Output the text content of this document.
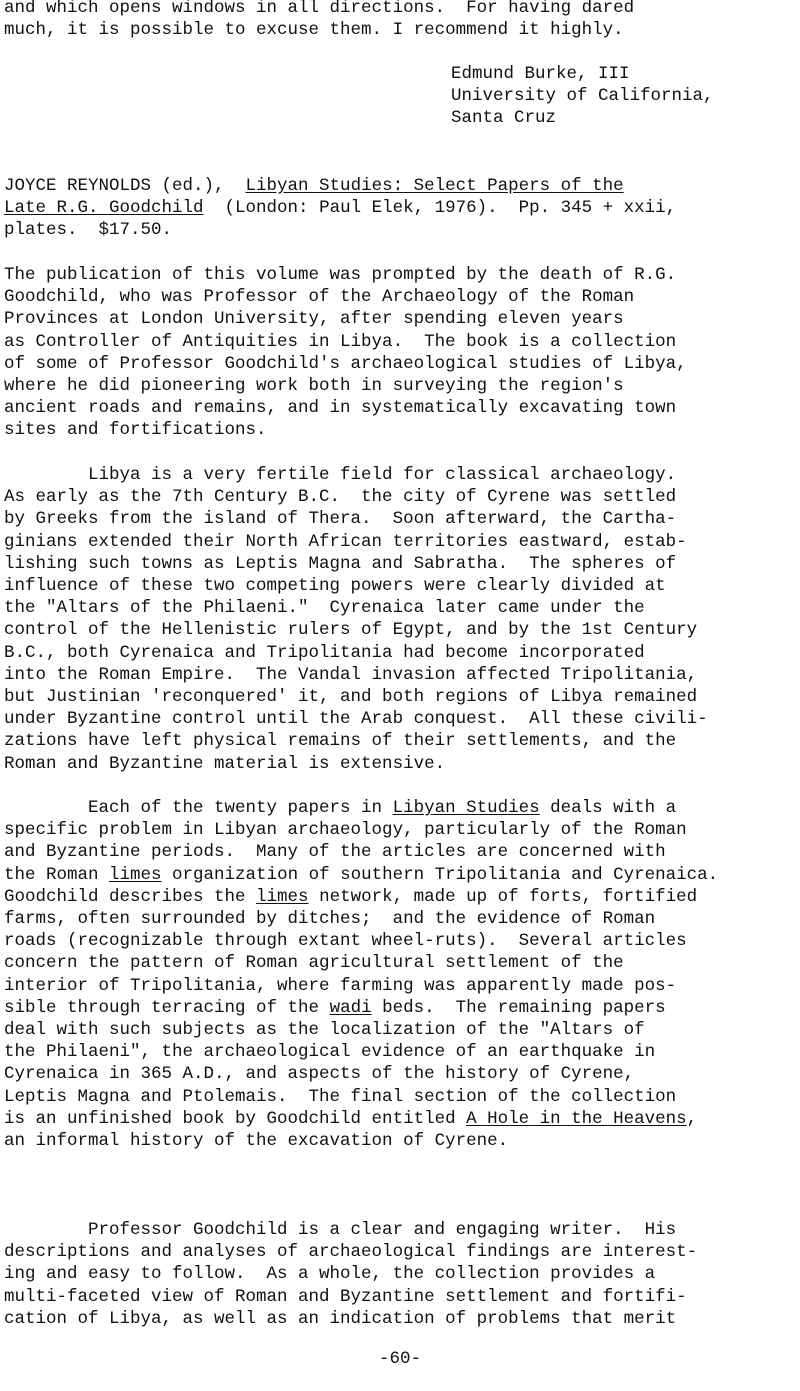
and which opens windows in all directions.  For having dared
much, it is possible to excuse them. I recommend it highly.
Edmund Burke, III
University of California,
Santa Cruz
JOYCE REYNOLDS (ed.),  Libyan Studies: Select Papers of the
Late R.G. Goodchild  (London: Paul Elek, 1976).  Pp. 345 + xxii,
plates.  $17.50.
The publication of this volume was prompted by the death of R.G.
Goodchild, who was Professor of the Archaeology of the Roman
Provinces at London University, after spending eleven years
as Controller of Antiquities in Libya.  The book is a collection
of some of Professor Goodchild's archaeological studies of Libya,
where he did pioneering work both in surveying the region's
ancient roads and remains, and in systematically excavating town
sites and fortifications.
Libya is a very fertile field for classical archaeology.
As early as the 7th Century B.C.  the city of Cyrene was settled
by Greeks from the island of Thera.  Soon afterward, the Cartha-
ginians extended their North African territories eastward, estab-
lishing such towns as Leptis Magna and Sabratha.  The spheres of
influence of these two competing powers were clearly divided at
the "Altars of the Philaeni."  Cyrenaica later came under the
control of the Hellenistic rulers of Egypt, and by the 1st Century
B.C., both Cyrenaica and Tripolitania had become incorporated
into the Roman Empire.  The Vandal invasion affected Tripolitania,
but Justinian 'reconquered' it, and both regions of Libya remained
under Byzantine control until the Arab conquest.  All these civili-
zations have left physical remains of their settlements, and the
Roman and Byzantine material is extensive.
Each of the twenty papers in Libyan Studies deals with a
specific problem in Libyan archaeology, particularly of the Roman
and Byzantine periods.  Many of the articles are concerned with
the Roman limes organization of southern Tripolitania and Cyrenaica.
Goodchild describes the limes network, made up of forts, fortified
farms, often surrounded by ditches;  and the evidence of Roman
roads (recognizable through extant wheel-ruts).  Several articles
concern the pattern of Roman agricultural settlement of the
interior of Tripolitania, where farming was apparently made pos-
sible through terracing of the wadi beds.  The remaining papers
deal with such subjects as the localization of the "Altars of
the Philaeni", the archaeological evidence of an earthquake in
Cyrenaica in 365 A.D., and aspects of the history of Cyrene,
Leptis Magna and Ptolemais.  The final section of the collection
is an unfinished book by Goodchild entitled A Hole in the Heavens,
an informal history of the excavation of Cyrene.
Professor Goodchild is a clear and engaging writer.  His
descriptions and analyses of archaeological findings are interest-
ing and easy to follow.  As a whole, the collection provides a
multi-faceted view of Roman and Byzantine settlement and fortifi-
cation of Libya, as well as an indication of problems that merit
-60-
